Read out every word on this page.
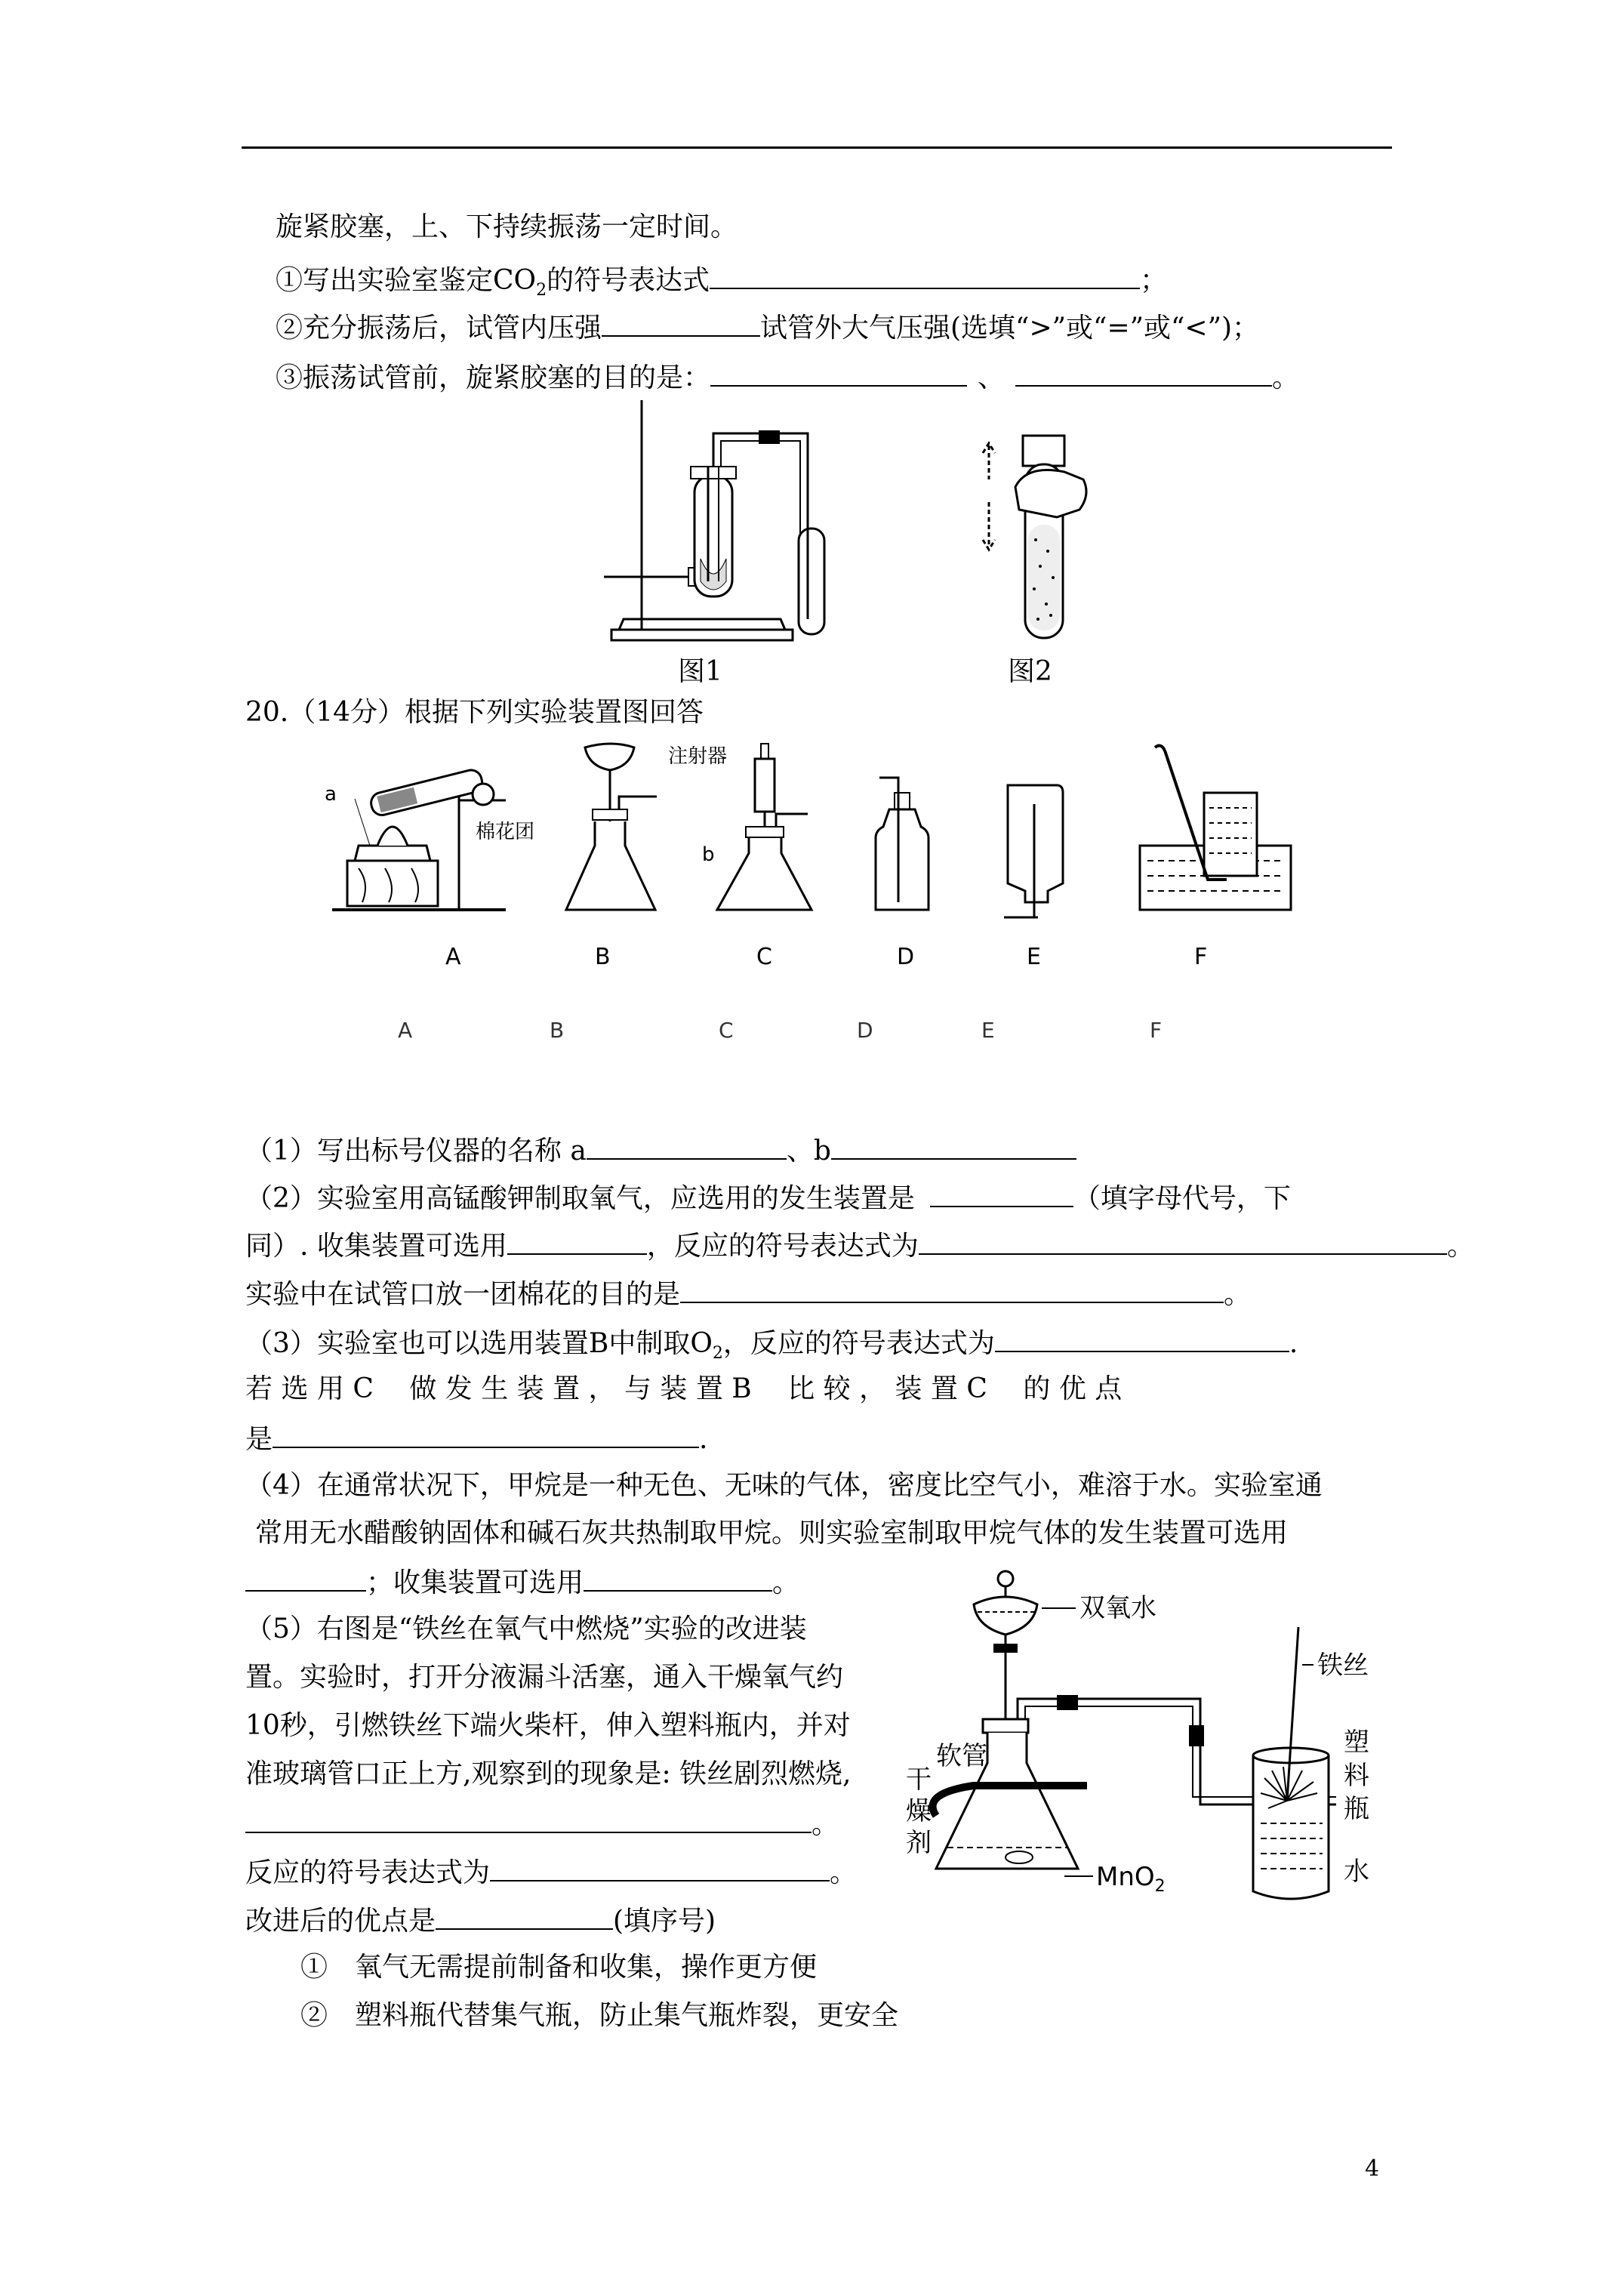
旋紧胶塞，上、下持续振荡一定时间。
①写出实验室鉴定$CO_2$的符号表达式	；
②充分振荡后，试管内压强	试管外大气压强(选填“>”或“=”或“<”)；
③振荡试管前，旋紧胶塞的目的是：	、	。
图1	图2
20.（14分）根据下列实验装置图回答
a
棉花团
注射器
b
A	B	C	D	E	F
A	B	C	D	E	F
（1）写出标号仪器的名称 a	、b
（2）实验室用高锰酸钾制取氧气，应选用的发生装置是	（填字母代号，下
同）. 收集装置可选用	，反应的符号表达式为	。
实验中在试管口放一团棉花的目的是	。
（3）实验室也可以选用装置B中制取$O_2$，反应的符号表达式为	.
若 选 用 C 　做 发 生 装 置 ， 与 装 置 B 　比 较 ， 装 置 C 　的 优 点
是	.
（4）在通常状况下，甲烷是一种无色、无味的气体，密度比空气小，难溶于水。实验室通
常用无水醋酸钠固体和碱石灰共热制取甲烷。则实验室制取甲烷气体的发生装置可选用
；收集装置可选用	。
（5）右图是“铁丝在氧气中燃烧”实验的改进装
置。实验时，打开分液漏斗活塞，通入干燥氧气约
10秒，引燃铁丝下端火柴杆，伸入塑料瓶内，并对
准玻璃管口正上方,观察到的现象是: 铁丝剧烈燃烧,
。
反应的符号表达式为	。
改进后的优点是	(填序号)
①　氧气无需提前制备和收集，操作更方便
②　塑料瓶代替集气瓶，防止集气瓶炸裂，更安全
双氧水
铁丝
软管
MnO$_2$
干燥剂
塑料瓶
水
4
